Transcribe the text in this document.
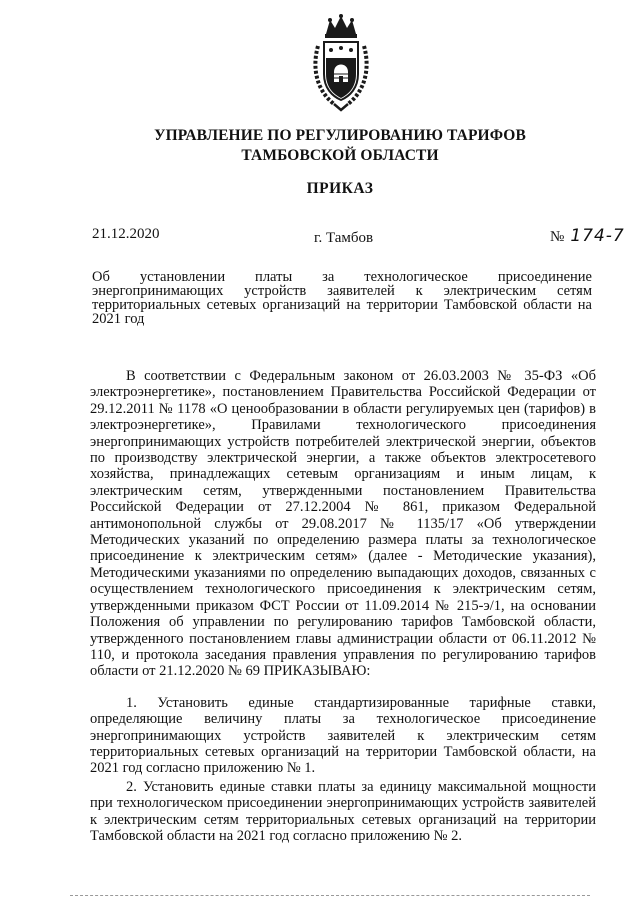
УПРАВЛЕНИЕ ПО РЕГУЛИРОВАНИЮ ТАРИФОВ
ТАМБОВСКОЙ ОБЛАСТИ
ПРИКАЗ
21.12.2020	г. Тамбов	№ 174-7
Об установлении платы за технологическое присоединение энергопринимающих устройств заявителей к электрическим сетям территориальных сетевых организаций на территории Тамбовской области на 2021 год

В соответствии с Федеральным законом от 26.03.2003 № 35-ФЗ «Об электроэнергетике», постановлением Правительства Российской Федерации от 29.12.2011 № 1178 «О ценообразовании в области регулируемых цен (тарифов) в электроэнергетике», Правилами технологического присоединения энергопринимающих устройств потребителей электрической энергии, объектов по производству электрической энергии, а также объектов электросетевого хозяйства, принадлежащих сетевым организациям и иным лицам, к электрическим сетям, утвержденными постановлением Правительства Российской Федерации от 27.12.2004 № 861, приказом Федеральной антимонопольной службы от 29.08.2017 № 1135/17 «Об утверждении Методических указаний по определению размера платы за технологическое присоединение к электрическим сетям» (далее - Методические указания), Методическими указаниями по определению выпадающих доходов, связанных с осуществлением технологического присоединения к электрическим сетям, утвержденными приказом ФСТ России от 11.09.2014 № 215-э/1, на основании Положения об управлении по регулированию тарифов Тамбовской области, утвержденного постановлением главы администрации области от 06.11.2012 № 110, и протокола заседания правления управления по регулированию тарифов области от 21.12.2020 № 69 ПРИКАЗЫВАЮ:

1. Установить единые стандартизированные тарифные ставки, определяющие величину платы за технологическое присоединение энергопринимающих устройств заявителей к электрическим сетям территориальных сетевых организаций на территории Тамбовской области, на 2021 год согласно приложению № 1.

2. Установить единые ставки платы за единицу максимальной мощности при технологическом присоединении энергопринимающих устройств заявителей к электрическим сетям территориальных сетевых организаций на территории Тамбовской области на 2021 год согласно приложению № 2.
